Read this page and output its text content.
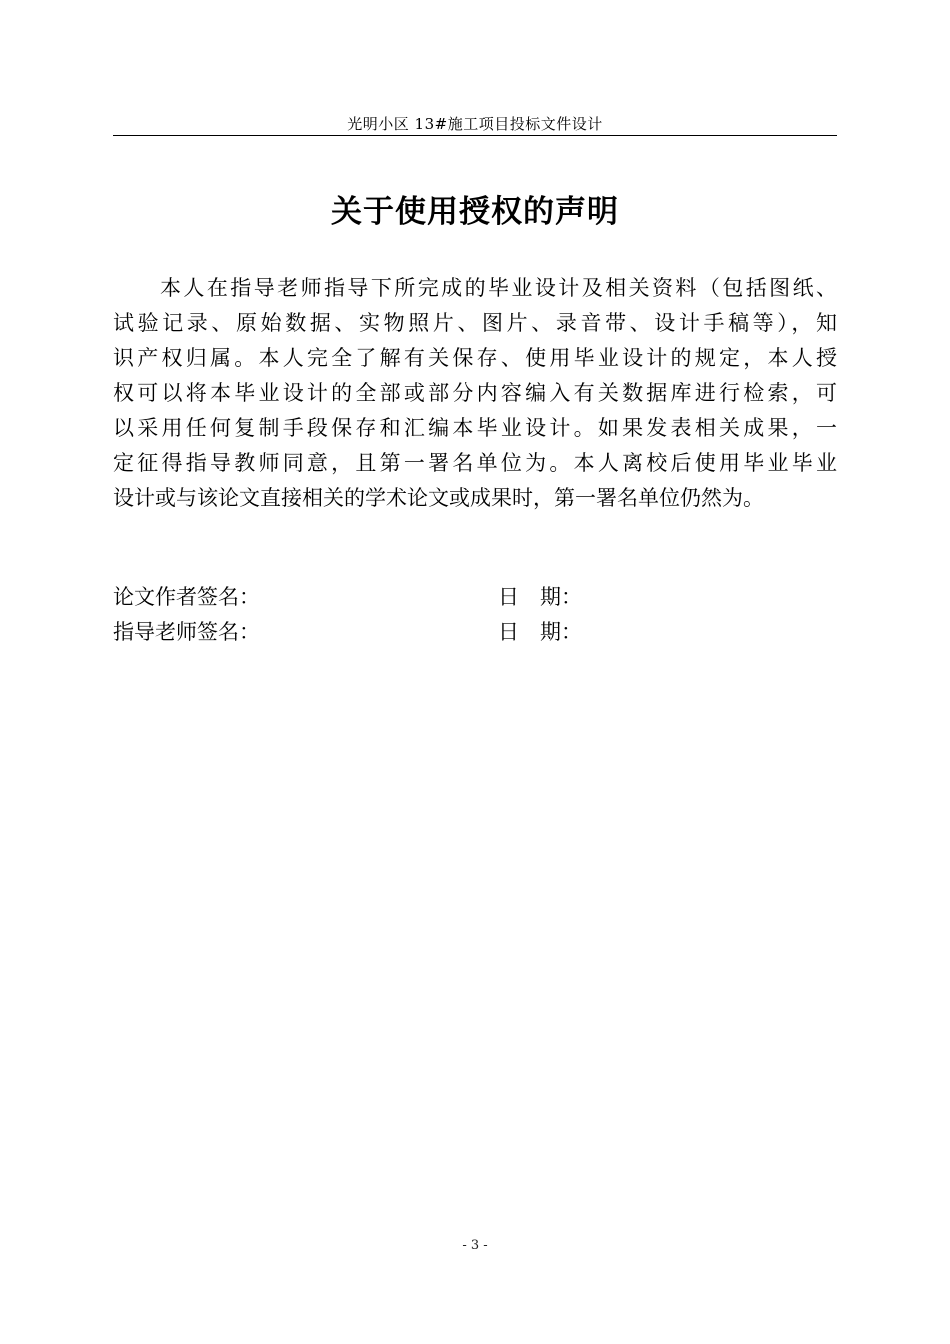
光明小区 13#施工项目投标文件设计
关于使用授权的声明
本人在指导老师指导下所完成的毕业设计及相关资料（包括图纸、
试验记录、原始数据、实物照片、图片、录音带、设计手稿等），知
识产权归属。本人完全了解有关保存、使用毕业设计的规定，本人授
权可以将本毕业设计的全部或部分内容编入有关数据库进行检索，可
以采用任何复制手段保存和汇编本毕业设计。如果发表相关成果，一
定征得指导教师同意，且第一署名单位为。本人离校后使用毕业毕业
设计或与该论文直接相关的学术论文或成果时，第一署名单位仍然为。
论文作者签名：	日　期：
指导老师签名：	日　期：
- 3 -
